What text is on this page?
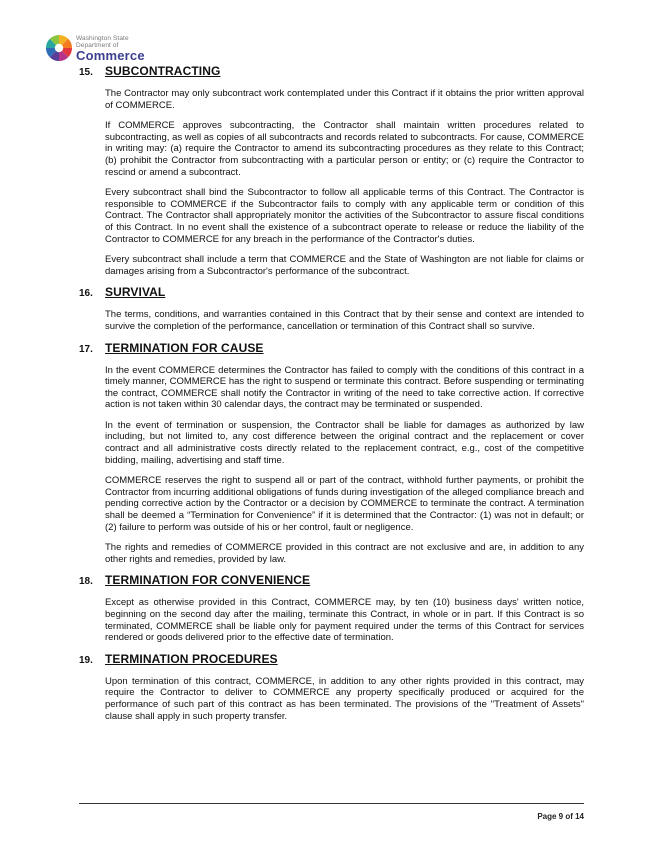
Washington State
Department of
Commerce
15.	SUBCONTRACTING

The Contractor may only subcontract work contemplated under this Contract if it obtains the prior written approval of COMMERCE.

If COMMERCE approves subcontracting, the Contractor shall maintain written procedures related to subcontracting, as well as copies of all subcontracts and records related to subcontracts. For cause, COMMERCE in writing may: (a) require the Contractor to amend its subcontracting procedures as they relate to this Contract; (b) prohibit the Contractor from subcontracting with a particular person or entity; or (c) require the Contractor to rescind or amend a subcontract.

Every subcontract shall bind the Subcontractor to follow all applicable terms of this Contract. The Contractor is responsible to COMMERCE if the Subcontractor fails to comply with any applicable term or condition of this Contract. The Contractor shall appropriately monitor the activities of the Subcontractor to assure fiscal conditions of this Contract. In no event shall the existence of a subcontract operate to release or reduce the liability of the Contractor to COMMERCE for any breach in the performance of the Contractor's duties.

Every subcontract shall include a term that COMMERCE and the State of Washington are not liable for claims or damages arising from a Subcontractor's performance of the subcontract.

16.	SURVIVAL

The terms, conditions, and warranties contained in this Contract that by their sense and context are intended to survive the completion of the performance, cancellation or termination of this Contract shall so survive.

17.	TERMINATION FOR CAUSE

In the event COMMERCE determines the Contractor has failed to comply with the conditions of this contract in a timely manner, COMMERCE has the right to suspend or terminate this contract. Before suspending or terminating the contract, COMMERCE shall notify the Contractor in writing of the need to take corrective action. If corrective action is not taken within 30 calendar days, the contract may be terminated or suspended.

In the event of termination or suspension, the Contractor shall be liable for damages as authorized by law including, but not limited to, any cost difference between the original contract and the replacement or cover contract and all administrative costs directly related to the replacement contract, e.g., cost of the competitive bidding, mailing, advertising and staff time.

COMMERCE reserves the right to suspend all or part of the contract, withhold further payments, or prohibit the Contractor from incurring additional obligations of funds during investigation of the alleged compliance breach and pending corrective action by the Contractor or a decision by COMMERCE to terminate the contract. A termination shall be deemed a “Termination for Convenience” if it is determined that the Contractor: (1) was not in default; or (2) failure to perform was outside of his or her control, fault or negligence.

The rights and remedies of COMMERCE provided in this contract are not exclusive and are, in addition to any other rights and remedies, provided by law.

18.	TERMINATION FOR CONVENIENCE

Except as otherwise provided in this Contract, COMMERCE may, by ten (10) business days' written notice, beginning on the second day after the mailing, terminate this Contract, in whole or in part. If this Contract is so terminated, COMMERCE shall be liable only for payment required under the terms of this Contract for services rendered or goods delivered prior to the effective date of termination.

19.	TERMINATION PROCEDURES

Upon termination of this contract, COMMERCE, in addition to any other rights provided in this contract, may require the Contractor to deliver to COMMERCE any property specifically produced or acquired for the performance of such part of this contract as has been terminated. The provisions of the "Treatment of Assets" clause shall apply in such property transfer.

Page 9 of 14
